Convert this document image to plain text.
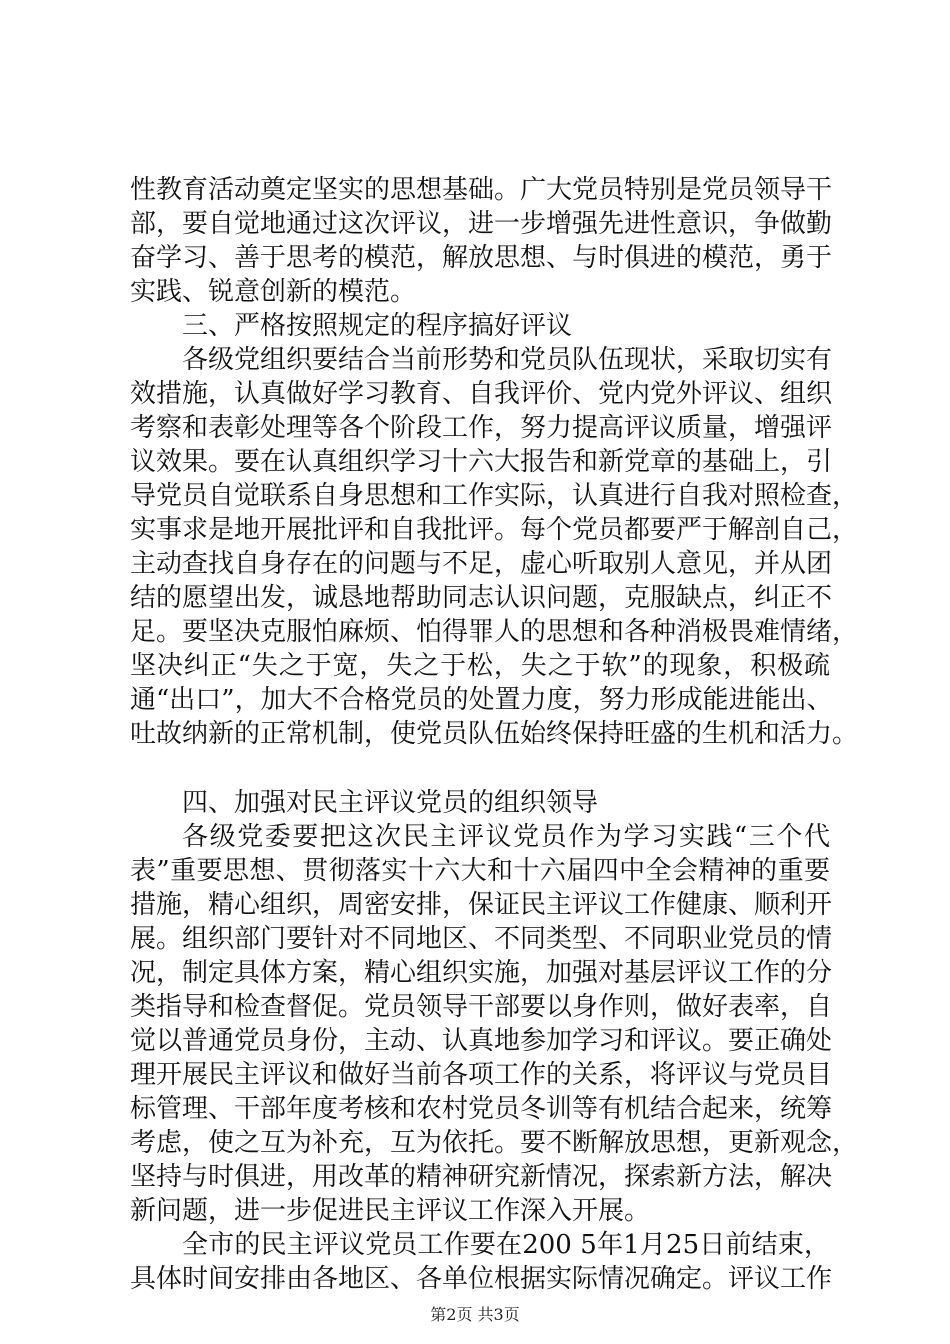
性教育活动奠定坚实的思想基础。广大党员特别是党员领导干
部，要自觉地通过这次评议，进一步增强先进性意识，争做勤
奋学习、善于思考的模范，解放思想、与时俱进的模范，勇于
实践、锐意创新的模范。
三、严格按照规定的程序搞好评议
各级党组织要结合当前形势和党员队伍现状，采取切实有
效措施，认真做好学习教育、自我评价、党内党外评议、组织
考察和表彰处理等各个阶段工作，努力提高评议质量，增强评
议效果。要在认真组织学习十六大报告和新党章的基础上，引
导党员自觉联系自身思想和工作实际，认真进行自我对照检查，
实事求是地开展批评和自我批评。每个党员都要严于解剖自己，
主动查找自身存在的问题与不足，虚心听取别人意见，并从团
结的愿望出发，诚恳地帮助同志认识问题，克服缺点，纠正不
足。要坚决克服怕麻烦、怕得罪人的思想和各种消极畏难情绪，
坚决纠正“失之于宽，失之于松，失之于软”的现象，积极疏
通“出口”，加大不合格党员的处置力度，努力形成能进能出、
吐故纳新的正常机制，使党员队伍始终保持旺盛的生机和活力。
四、加强对民主评议党员的组织领导
各级党委要把这次民主评议党员作为学习实践“三个代
表”重要思想、贯彻落实十六大和十六届四中全会精神的重要
措施，精心组织，周密安排，保证民主评议工作健康、顺利开
展。组织部门要针对不同地区、不同类型、不同职业党员的情
况，制定具体方案，精心组织实施，加强对基层评议工作的分
类指导和检查督促。党员领导干部要以身作则，做好表率，自
觉以普通党员身份，主动、认真地参加学习和评议。要正确处
理开展民主评议和做好当前各项工作的关系，将评议与党员目
标管理、干部年度考核和农村党员冬训等有机结合起来，统筹
考虑，使之互为补充，互为依托。要不断解放思想，更新观念，
坚持与时俱进，用改革的精神研究新情况，探索新方法，解决
新问题，进一步促进民主评议工作深入开展。
全市的民主评议党员工作要在200 5年1月25日前结束，
具体时间安排由各地区、各单位根据实际情况确定。评议工作
第2页 共3页
